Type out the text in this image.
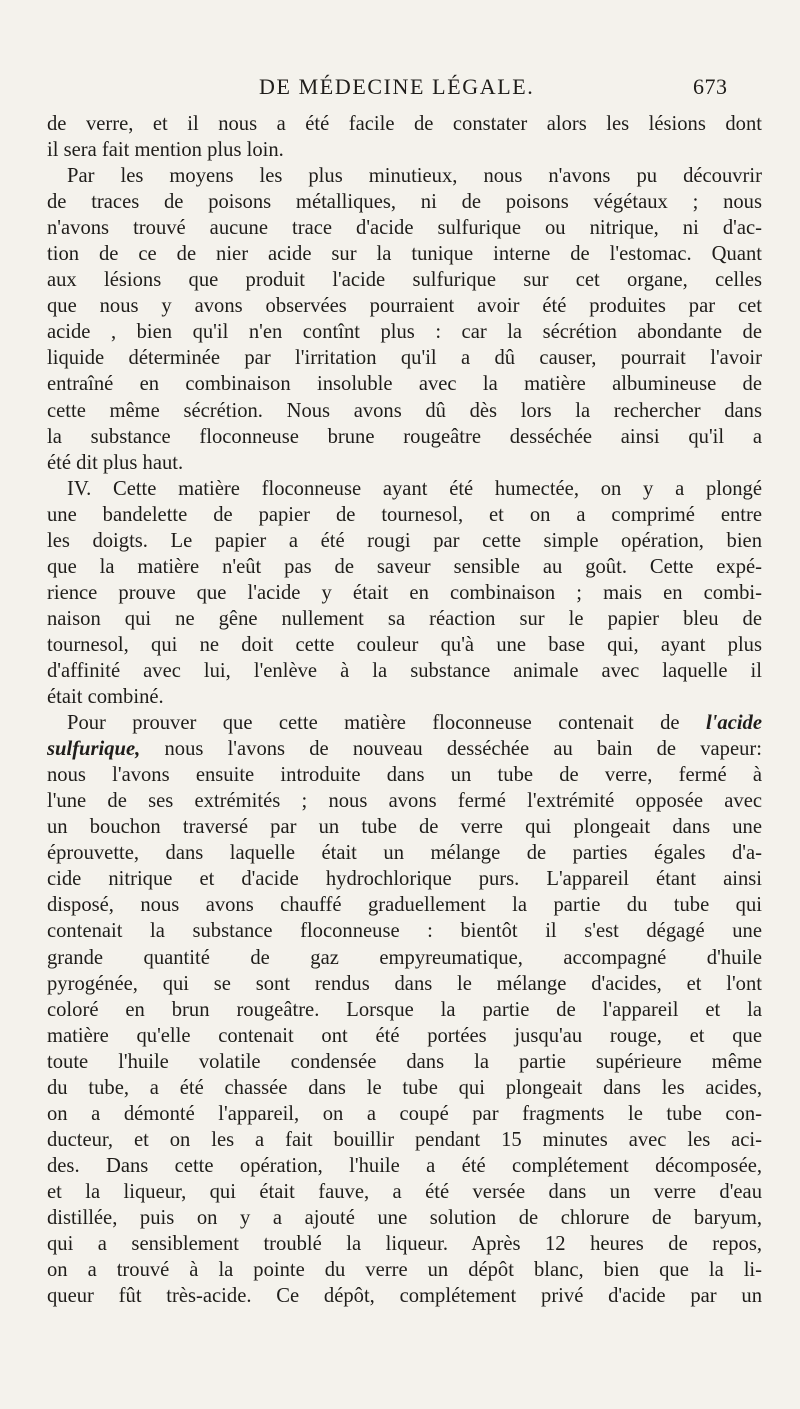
DE MÉDECINE LÉGALE.	673
de verre, et il nous a été facile de constater alors les lésions dont
il sera fait mention plus loin.
Par les moyens les plus minutieux, nous n'avons pu découvrir
de traces de poisons métalliques, ni de poisons végétaux ; nous
n'avons trouvé aucune trace d'acide sulfurique ou nitrique, ni d'ac-
tion de ce de nier acide sur la tunique interne de l'estomac. Quant
aux lésions que produit l'acide sulfurique sur cet organe, celles
que nous y avons observées pourraient avoir été produites par cet
acide , bien qu'il n'en contînt plus : car la sécrétion abondante de
liquide déterminée par l'irritation qu'il a dû causer, pourrait l'avoir
entraîné en combinaison insoluble avec la matière albumineuse de
cette même sécrétion. Nous avons dû dès lors la rechercher dans
la substance floconneuse brune rougeâtre desséchée ainsi qu'il a
été dit plus haut.
IV. Cette matière floconneuse ayant été humectée, on y a plongé
une bandelette de papier de tournesol, et on a comprimé entre
les doigts. Le papier a été rougi par cette simple opération, bien
que la matière n'eût pas de saveur sensible au goût. Cette expé-
rience prouve que l'acide y était en combinaison ; mais en combi-
naison qui ne gêne nullement sa réaction sur le papier bleu de
tournesol, qui ne doit cette couleur qu'à une base qui, ayant plus
d'affinité avec lui, l'enlève à la substance animale avec laquelle il
était combiné.
Pour prouver que cette matière floconneuse contenait de l'acide
sulfurique, nous l'avons de nouveau desséchée au bain de vapeur:
nous l'avons ensuite introduite dans un tube de verre, fermé à
l'une de ses extrémités ; nous avons fermé l'extrémité opposée avec
un bouchon traversé par un tube de verre qui plongeait dans une
éprouvette, dans laquelle était un mélange de parties égales d'a-
cide nitrique et d'acide hydrochlorique purs. L'appareil étant ainsi
disposé, nous avons chauffé graduellement la partie du tube qui
contenait la substance floconneuse : bientôt il s'est dégagé une
grande quantité de gaz empyreumatique, accompagné d'huile
pyrogénée, qui se sont rendus dans le mélange d'acides, et l'ont
coloré en brun rougeâtre. Lorsque la partie de l'appareil et la
matière qu'elle contenait ont été portées jusqu'au rouge, et que
toute l'huile volatile condensée dans la partie supérieure même
du tube, a été chassée dans le tube qui plongeait dans les acides,
on a démonté l'appareil, on a coupé par fragments le tube con-
ducteur, et on les a fait bouillir pendant 15 minutes avec les aci-
des. Dans cette opération, l'huile a été complétement décomposée,
et la liqueur, qui était fauve, a été versée dans un verre d'eau
distillée, puis on y a ajouté une solution de chlorure de baryum,
qui a sensiblement troublé la liqueur. Après 12 heures de repos,
on a trouvé à la pointe du verre un dépôt blanc, bien que la li-
queur fût très-acide. Ce dépôt, complétement privé d'acide par un
